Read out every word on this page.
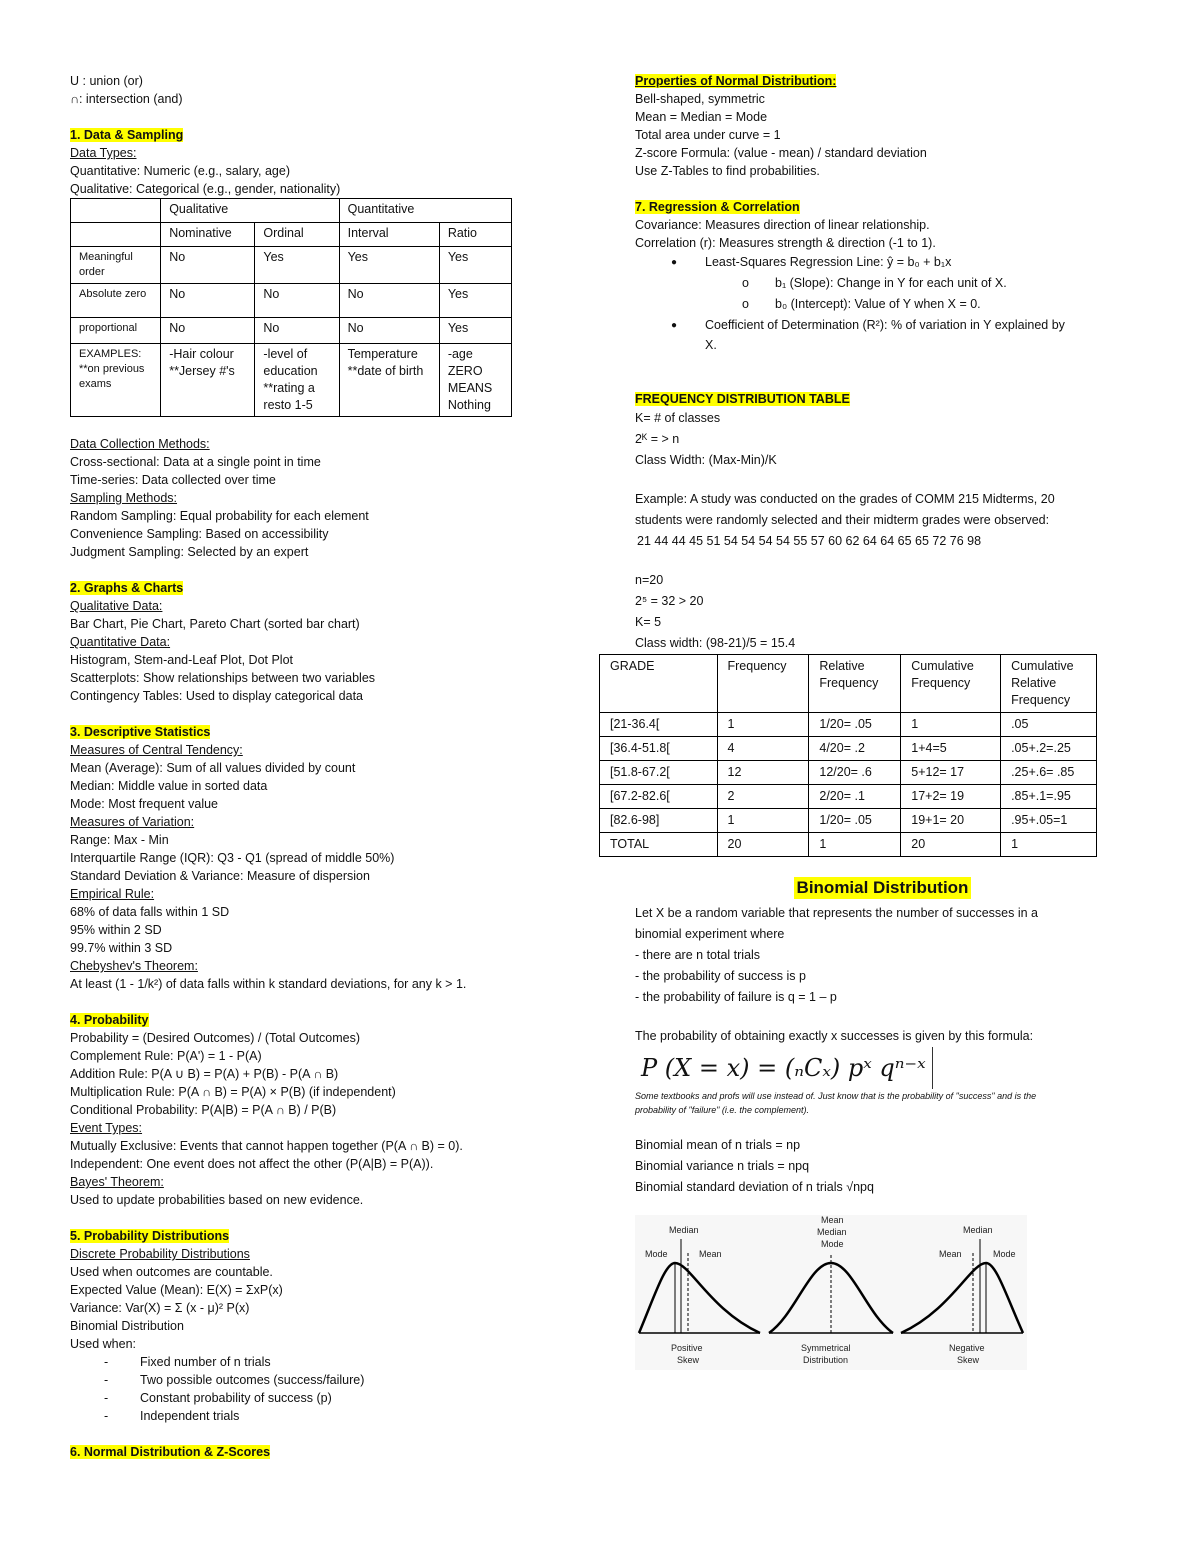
U : union (or)
∩: intersection (and)
1. Data & Sampling
Data Types:
Quantitative: Numeric (e.g., salary, age)
Qualitative: Categorical (e.g., gender, nationality)
	Qualitative		Quantitative	
	Nominative	Ordinal	Interval	Ratio
Meaningful order	No	Yes	Yes	Yes
Absolute zero	No	No	No	Yes
proportional	No	No	No	Yes
EXAMPLES: **on previous exams	-Hair colour **Jersey #'s	-level of education **rating a resto 1-5	Temperature **date of birth	-age ZERO MEANS Nothing
Data Collection Methods:
Cross-sectional: Data at a single point in time
Time-series: Data collected over time
Sampling Methods:
Random Sampling: Equal probability for each element
Convenience Sampling: Based on accessibility
Judgment Sampling: Selected by an expert
2. Graphs & Charts
Qualitative Data:
Bar Chart, Pie Chart, Pareto Chart (sorted bar chart)
Quantitative Data:
Histogram, Stem-and-Leaf Plot, Dot Plot
Scatterplots: Show relationships between two variables
Contingency Tables: Used to display categorical data
3. Descriptive Statistics
Measures of Central Tendency:
Mean (Average): Sum of all values divided by count
Median: Middle value in sorted data
Mode: Most frequent value
Measures of Variation:
Range: Max - Min
Interquartile Range (IQR): Q3 - Q1 (spread of middle 50%)
Standard Deviation & Variance: Measure of dispersion
Empirical Rule:
68% of data falls within 1 SD
95% within 2 SD
99.7% within 3 SD
Chebyshev's Theorem:
At least (1 - 1/k²) of data falls within k standard deviations, for any k > 1.
4. Probability
Probability = (Desired Outcomes) / (Total Outcomes)
Complement Rule: P(A') = 1 - P(A)
Addition Rule: P(A ∪ B) = P(A) + P(B) - P(A ∩ B)
Multiplication Rule: P(A ∩ B) = P(A) × P(B) (if independent)
Conditional Probability: P(A|B) = P(A ∩ B) / P(B)
Event Types:
Mutually Exclusive: Events that cannot happen together (P(A ∩ B) = 0).
Independent: One event does not affect the other (P(A|B) = P(A)).
Bayes' Theorem:
Used to update probabilities based on new evidence.
5. Probability Distributions
Discrete Probability Distributions
Used when outcomes are countable.
Expected Value (Mean): E(X) = ΣxP(x)
Variance: Var(X) = Σ (x - μ)² P(x)
Binomial Distribution
Used when:
-	Fixed number of n trials
-	Two possible outcomes (success/failure)
-	Constant probability of success (p)
-	Independent trials
6. Normal Distribution & Z-Scores
Properties of Normal Distribution:
Bell-shaped, symmetric
Mean = Median = Mode
Total area under curve = 1
Z-score Formula: (value - mean) / standard deviation
Use Z-Tables to find probabilities.
7. Regression & Correlation
Covariance: Measures direction of linear relationship.
Correlation (r): Measures strength & direction (-1 to 1).
●	Least-Squares Regression Line: ŷ = b₀ + b₁x
o	b₁ (Slope): Change in Y for each unit of X.
o	b₀ (Intercept): Value of Y when X = 0.
●	Coefficient of Determination (R²): % of variation in Y explained by
X.
FREQUENCY DISTRIBUTION TABLE
K= # of classes
2ᴷ = > n
Class Width: (Max-Min)/K
Example: A study was conducted on the grades of COMM 215 Midterms, 20
students were randomly selected and their midterm grades were observed:
21 44 44 45 51 54 54 54 54 55 57 60 62 64 64 65 65 72 76 98
n=20
2⁵ = 32 > 20
K= 5
Class width: (98-21)/5 = 15.4
GRADE	Frequency	Relative Frequency	Cumulative Frequency	Cumulative Relative Frequency
[21-36.4[	1	1/20= .05	1	.05
[36.4-51.8[	4	4/20= .2	1+4=5	.05+.2=.25
[51.8-67.2[	12	12/20= .6	5+12= 17	.25+.6= .85
[67.2-82.6[	2	2/20= .1	17+2= 19	.85+.1=.95
[82.6-98]	1	1/20= .05	19+1= 20	.95+.05=1
TOTAL	20	1	20	1
Binomial Distribution
Let X be a random variable that represents the number of successes in a
binomial experiment where
- there are n total trials
- the probability of success is p
- the probability of failure is q = 1 – p
The probability of obtaining exactly x successes is given by this formula:
P (X = x) = (ₙCₓ) pˣ qⁿ⁻ˣ
Some textbooks and profs will use instead of. Just know that is the probability of "success" and is the
probability of "failure" (i.e. the complement).
Binomial mean of n trials = np
Binomial variance n trials = npq
Binomial standard deviation of n trials √npq
Median
Mode	Mean
Positive
Skew
Mean
Median
Mode
Symmetrical
Distribution
Median
Mean	Mode
Negative
Skew
